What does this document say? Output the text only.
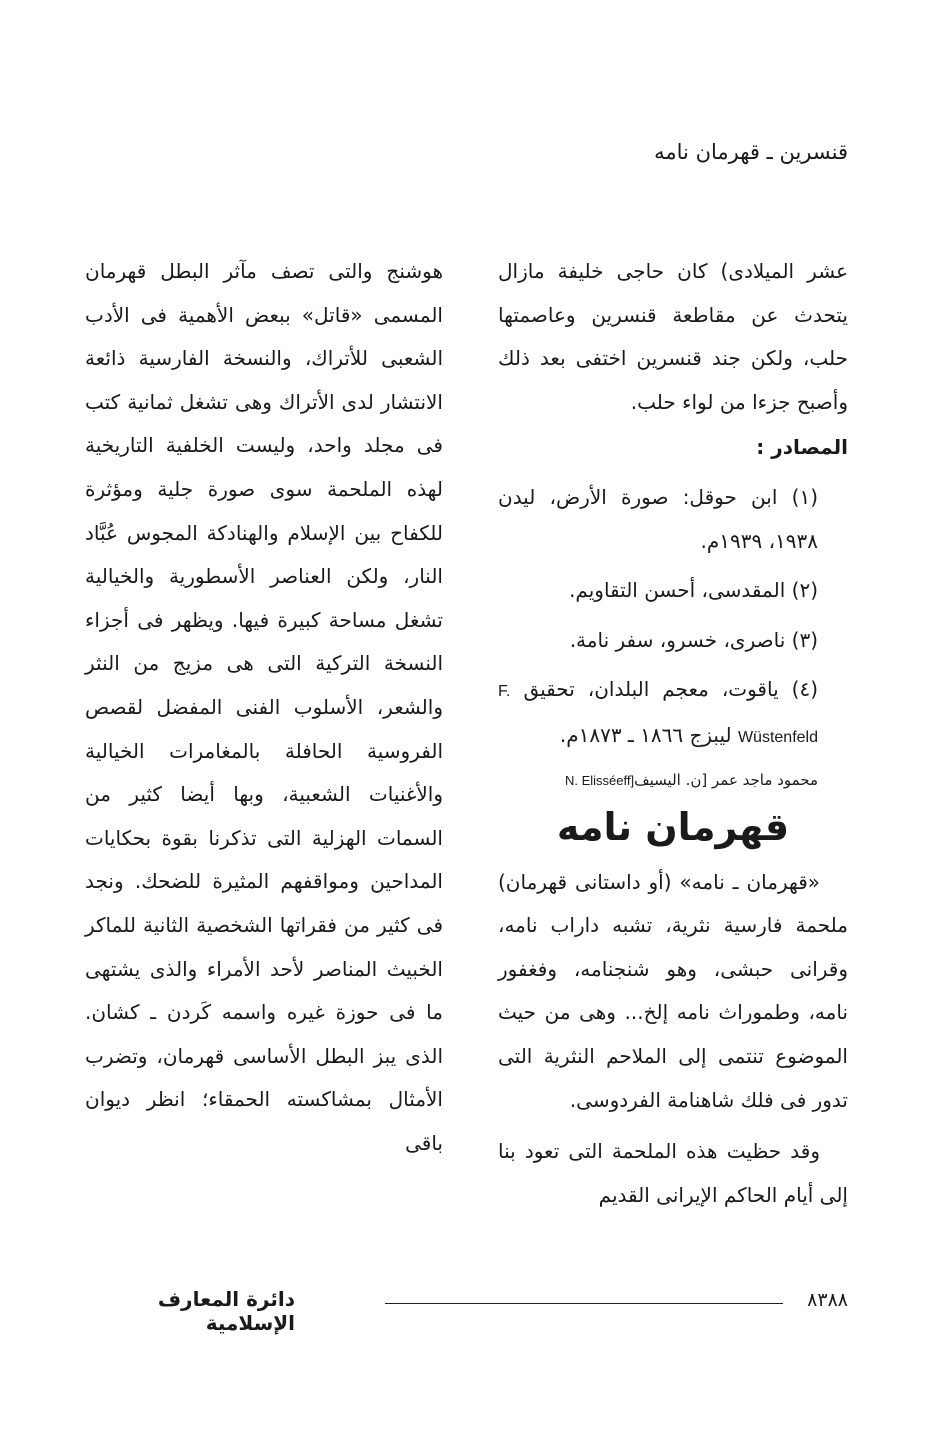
قنسرين ـ قهرمان نامه

عشر الميلادى) كان حاجى خليفة مازال يتحدث عن مقاطعة قنسرين وعاصمتها حلب، ولكن جند قنسرين اختفى بعد ذلك وأصبح جزءا من لواء حلب.

المصادر :

(١) ابن حوقل: صورة الأرض، ليدن ١٩٣٨، ١٩٣٩م.

(٢) المقدسى، أحسن التقاويم.

(٣) ناصرى، خسرو، سفر نامة.

(٤) ياقوت، معجم البلدان، تحقيق F. Wüstenfeld ليبزج ١٨٦٦ ـ ١٨٧٣م.

محمود ماجد عمر [ن. اليسيفN. Elisséeff]

قهرمان نامه

«قهرمان ـ نامه» (أو داستانى قهرمان) ملحمة فارسية نثرية، تشبه داراب نامه، وقرانى حبشى، وهو شنجنامه، وفغفور نامه، وطموراث نامه إلخ... وهى من حيث الموضوع تنتمى إلى الملاحم النثرية التى تدور فى فلك شاهنامة الفردوسى.

وقد حظيت هذه الملحمة التى تعود بنا إلى أيام الحاكم الإيرانى القديم

هوشنج والتى تصف مآثر البطل قهرمان المسمى «قاتل» ببعض الأهمية فى الأدب الشعبى للأتراك، والنسخة الفارسية ذائعة الانتشار لدى الأتراك وهى تشغل ثمانية كتب فى مجلد واحد، وليست الخلفية التاريخية لهذه الملحمة سوى صورة جلية ومؤثرة للكفاح بين الإسلام والهنادكة المجوس عُبَّاد النار، ولكن العناصر الأسطورية والخيالية تشغل مساحة كبيرة فيها. ويظهر فى أجزاء النسخة التركية التى هى مزيج من النثر والشعر، الأسلوب الفنى المفضل لقصص الفروسية الحافلة بالمغامرات الخيالية والأغنيات الشعبية، وبها أيضا كثير من السمات الهزلية التى تذكرنا بقوة بحكايات المداحين ومواقفهم المثيرة للضحك. ونجد فى كثير من فقراتها الشخصية الثانية للماكر الخبيث المناصر لأحد الأمراء والذى يشتهى ما فى حوزة غيره واسمه كَردن ـ كشان. الذى يبز البطل الأساسى قهرمان، وتضرب الأمثال بمشاكسته الحمقاء؛ انظر ديوان باقى

٨٣٨٨
دائرة المعارف الإسلامية
